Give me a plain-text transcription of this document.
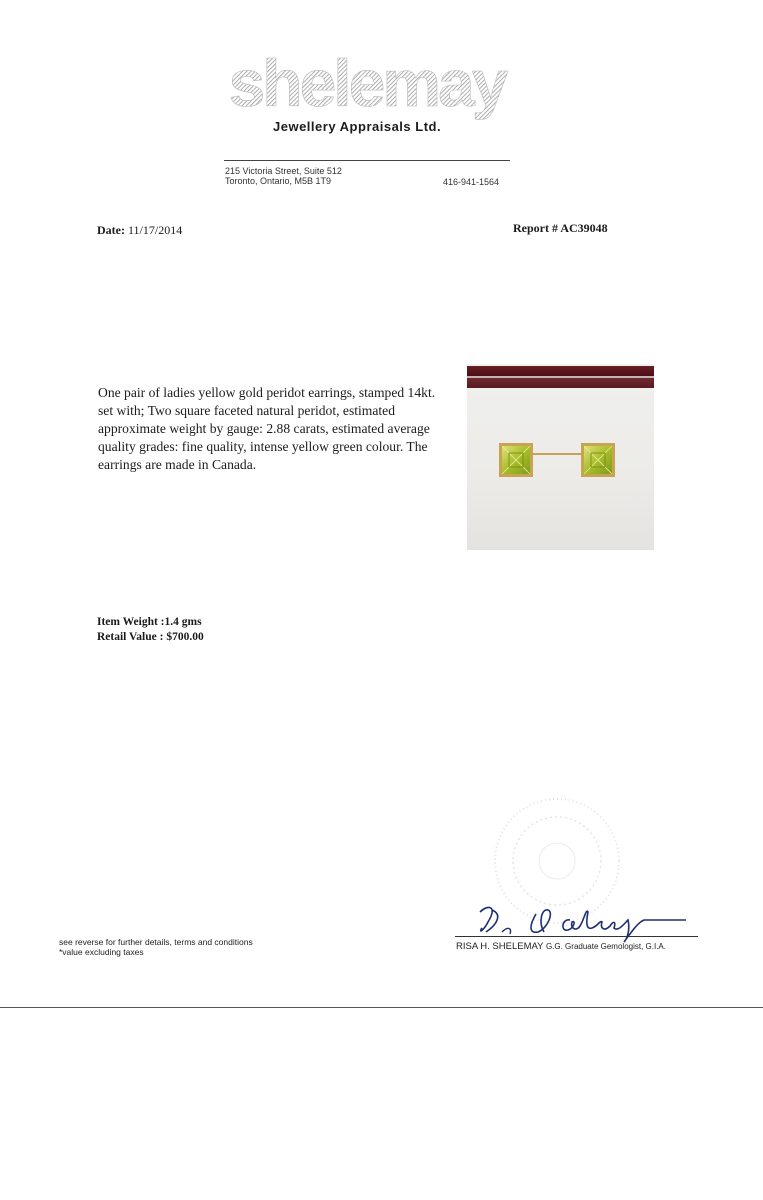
shelemay
Jewellery Appraisals Ltd.
215 Victoria Street, Suite 512
Toronto, Ontario, M5B 1T9	416-941-1564
Date: 11/17/2014	Report # AC39048
One pair of ladies yellow gold peridot earrings, stamped 14kt. set with; Two square faceted natural peridot, estimated approximate weight by gauge: 2.88 carats, estimated average quality grades: fine quality, intense yellow green colour. The earrings are made in Canada.
Item Weight :1.4 gms
Retail Value : $700.00
RISA H. SHELEMAY G.G. Graduate Gemologist, G.I.A.
see reverse for further details, terms and conditions
*value excluding taxes
